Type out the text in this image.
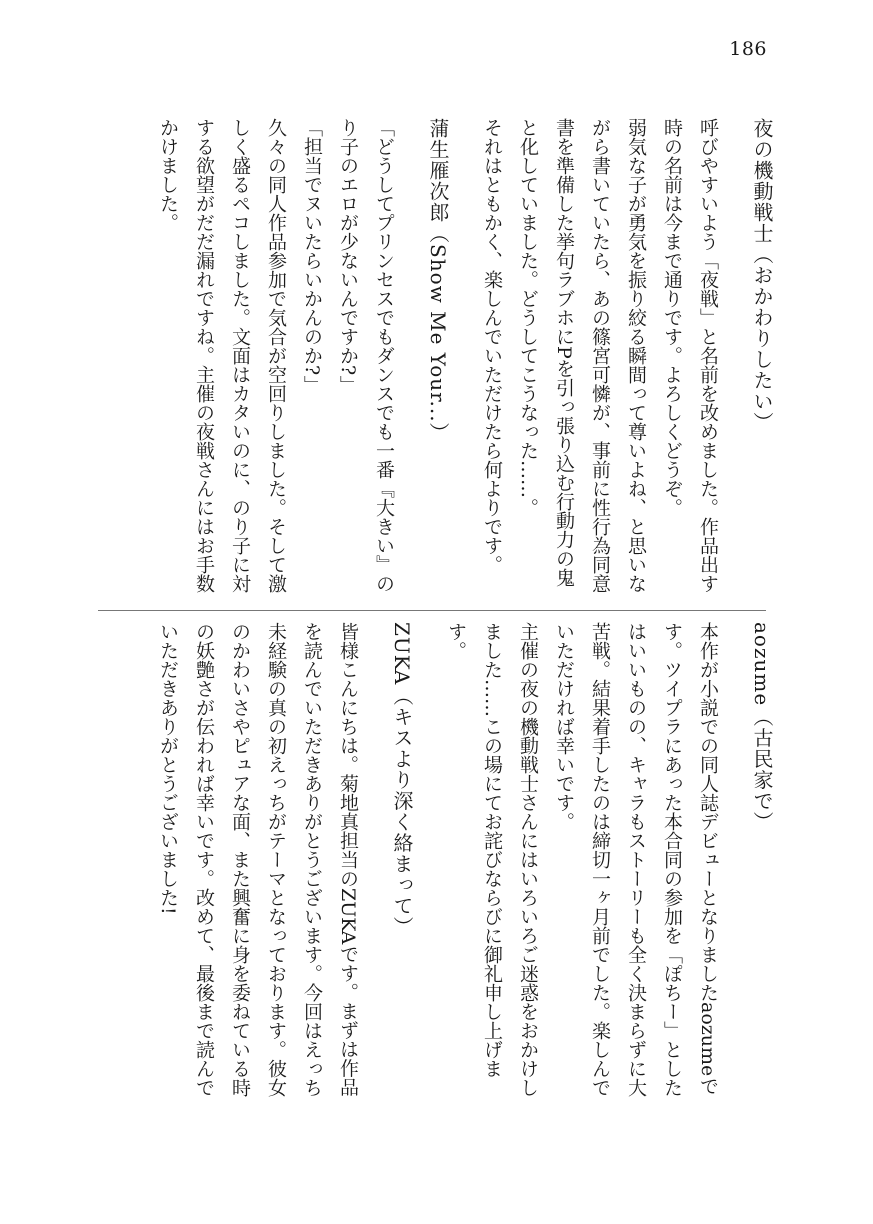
186

夜の機動戦士（おかわりしたい）

呼びやすいよう「夜戦」と名前を改めました。作品出す時の名前は今まで通りです。よろしくどうぞ。

弱気な子が勇気を振り絞る瞬間って尊いよね、と思いながら書いていたら、あの篠宮可憐が、事前に性行為同意書を準備した挙句ラブホにPを引っ張り込む行動力の鬼と化していました。どうしてこうなった……。

それはともかく、楽しんでいただけたら何よりです。

蒲生雁次郎（Show Me Your...）

「どうしてプリンセスでもダンスでも一番『大きい』のり子のエロが少ないんですか?」

「担当でヌいたらいかんのか?」

久々の同人作品参加で気合が空回りしました。そして激しく盛るペコしました。文面はカタいのに、のり子に対する欲望がだだ漏れですね。主催の夜戦さんにはお手数かけました。

aozume（古民家で）

本作が小説での同人誌デビューとなりましたaozumeです。ツイプラにあった本合同の参加を「ぽちー」としたはいいものの、キャラもストーリーも全く決まらずに大苦戦。結果着手したのは締切一ヶ月前でした。楽しんでいただければ幸いです。

主催の夜の機動戦士さんにはいろいろご迷惑をおかけしました……この場にてお詫びならびに御礼申し上げます。

ZUKA（キスより深く絡まって）

皆様こんにちは。菊地真担当のZUKAです。まずは作品を読んでいただきありがとうございます。今回はえっち未経験の真の初えっちがテーマとなっております。彼女のかわいさやピュアな面、また興奮に身を委ねている時の妖艶さが伝われば幸いです。改めて、最後まで読んでいただきありがとうございました!
